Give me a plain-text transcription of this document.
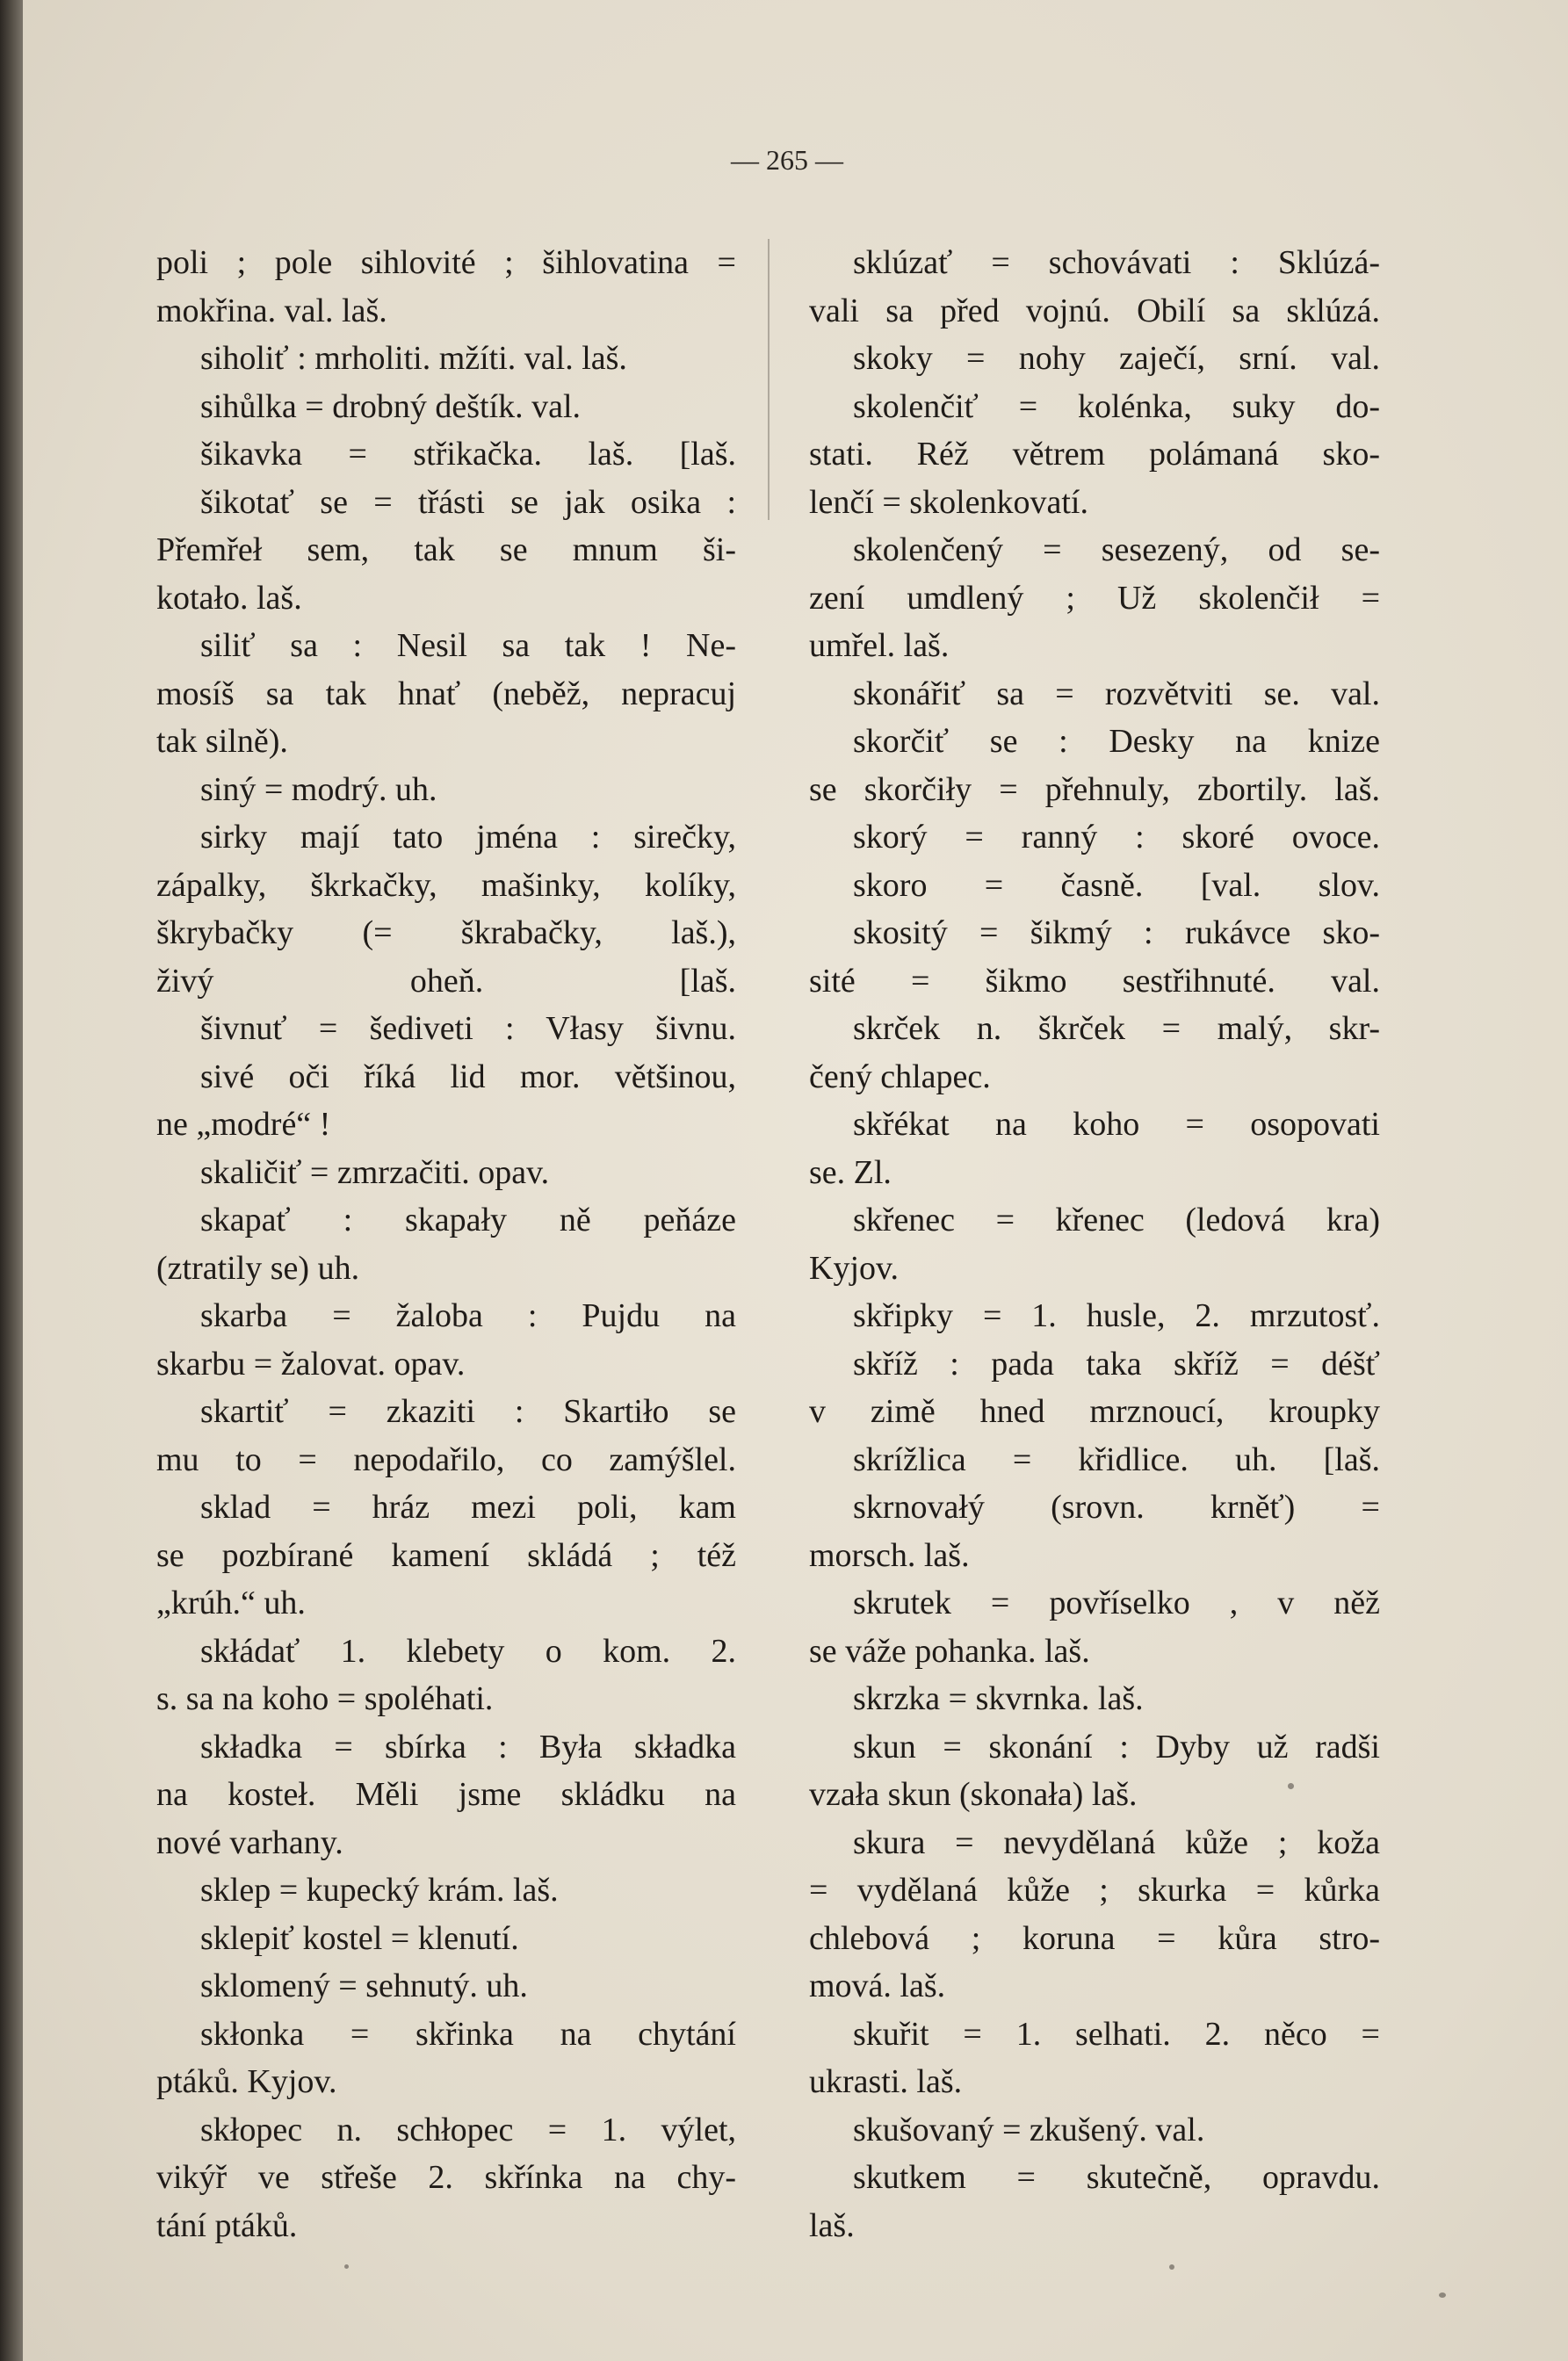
— 265 —
poli ; pole sihlovité ; šihlovatina =
mokřina. val. laš.
siholiť : mrholiti. mžíti. val. laš.
sihůlka = drobný deštík. val.
šikavka = střikačka. laš. [laš.
šikotať se = třásti se jak osika :
Přemřeł sem, tak se mnum ši-
kotało. laš.
siliť sa : Nesil sa tak ! Ne-
mosíš sa tak hnať (neběž, nepracuj
tak silně).
siný = modrý. uh.
sirky mají tato jména : sirečky,
zápalky, škrkačky, mašinky, kolíky,
škrybačky (= škrabačky, laš.),
živý oheň. [laš.
šivnuť = šediveti : Vłasy šivnu.
sivé oči říká lid mor. většinou,
ne „modré“ !
skaličiť = zmrzačiti. opav.
skapať : skapały ně peňáze
(ztratily se) uh.
skarba = žaloba : Pujdu na
skarbu = žalovat. opav.
skartiť = zkaziti : Skartiło se
mu to = nepodařilo, co zamýšlel.
sklad = hráz mezi poli, kam
se pozbírané kamení skládá ; též
„krúh.“ uh.
skłádať 1. klebety o kom. 2.
s. sa na koho = spoléhati.
składka = sbírka : Była składka
na kosteł. Měli jsme skládku na
nové varhany.
sklep = kupecký krám. laš.
sklepiť kostel = klenutí.
sklomený = sehnutý. uh.
skłonka = skřinka na chytání
ptáků. Kyjov.
skłopec n. schłopec = 1. výlet,
vikýř ve střeše 2. skřínka na chy-
tání ptáků.
sklúzať = schovávati : Sklúzá-
vali sa před vojnú. Obilí sa sklúzá.
skoky = nohy zaječí, srní. val.
skolenčiť = kolénka, suky do-
stati. Réž větrem polámaná sko-
lenčí = skolenkovatí.
skolenčený = sesezený, od se-
zení umdlený ; Už skolenčił =
umřel. laš.
skonářiť sa = rozvětviti se. val.
skorčiť se : Desky na knize
se skorčiły = přehnuly, zbortily. laš.
skorý = ranný : skoré ovoce.
skoro = časně. [val. slov.
skositý = šikmý : rukávce sko-
sité = šikmo sestřihnuté. val.
skrček n. škrček = malý, skr-
čený chlapec.
skřékat na koho = osopovati
se. Zl.
skřenec = křenec (ledová kra)
Kyjov.
skřipky = 1. husle, 2. mrzutosť.
skříž : pada taka skříž = déšť
v zimě hned mrznoucí, kroupky
skrížlica = křidlice. uh. [laš.
skrnovałý (srovn. krněť) =
morsch. laš.
skrutek = povříselko , v něž
se váže pohanka. laš.
skrzka = skvrnka. laš.
skun = skonání : Dyby už radši
vzała skun (skonała) laš.
skura = nevydělaná kůže ; koža
= vydělaná kůže ; skurka = kůrka
chlebová ; koruna = kůra stro-
mová. laš.
skuřit = 1. selhati. 2. něco =
ukrasti. laš.
skušovaný = zkušený. val.
skutkem = skutečně, opravdu.
laš.
